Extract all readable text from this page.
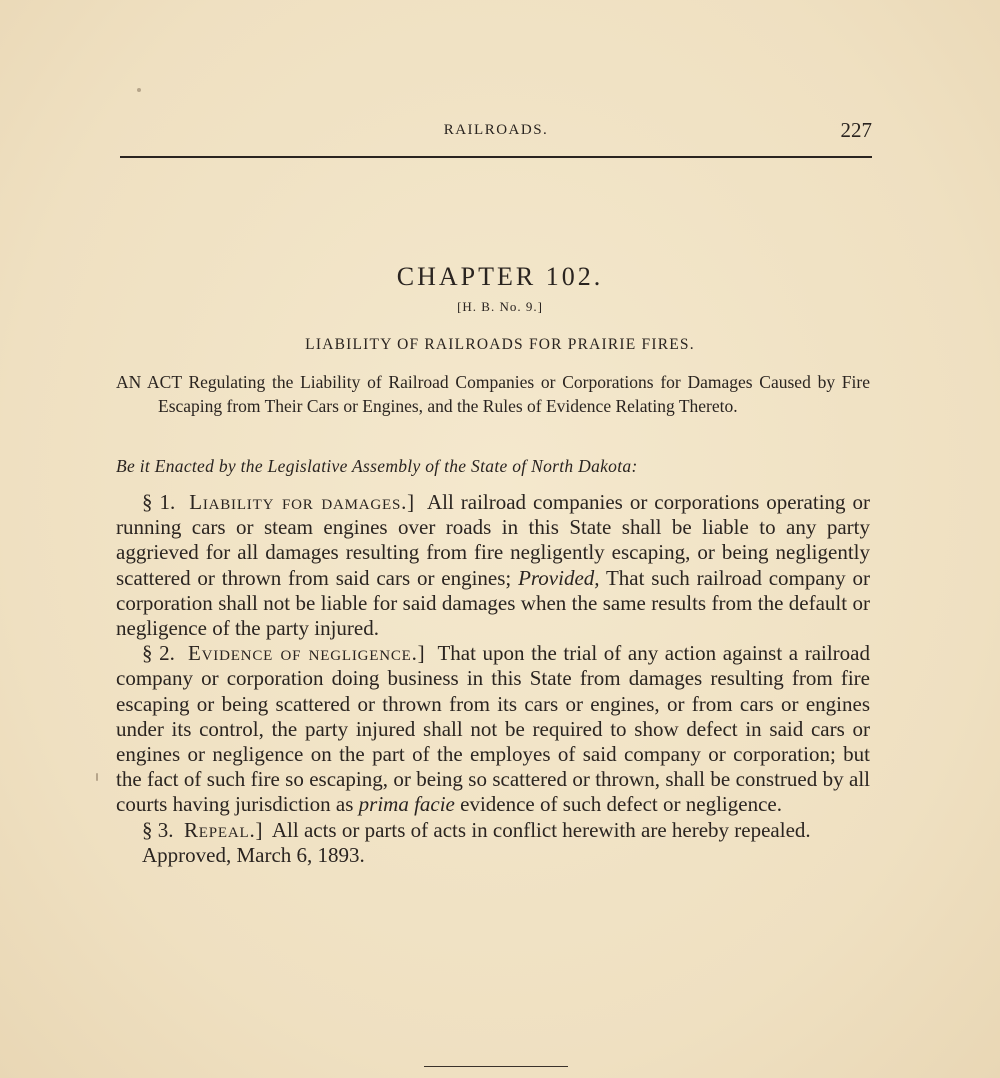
RAILROADS.	227
CHAPTER 102.
[H. B. No. 9.]
LIABILITY OF RAILROADS FOR PRAIRIE FIRES.
AN ACT Regulating the Liability of Railroad Companies or Corporations for Damages Caused by Fire Escaping from Their Cars or Engines, and the Rules of Evidence Relating Thereto.
Be it Enacted by the Legislative Assembly of the State of North Dakota:

§ 1. Liability for damages.]  All railroad companies or corporations operating or running cars or steam engines over roads in this State shall be liable to any party aggrieved for all damages resulting from fire negligently escaping, or being negligently scattered or thrown from said cars or engines; Provided, That such railroad company or corporation shall not be liable for said damages when the same results from the default or negligence of the party injured.

§ 2. Evidence of negligence.]  That upon the trial of any action against a railroad company or corporation doing business in this State from damages resulting from fire escaping or being scattered or thrown from its cars or engines, or from cars or engines under its control, the party injured shall not be required to show defect in said cars or engines or negligence on the part of the employes of said company or corporation; but the fact of such fire so escaping, or being so scattered or thrown, shall be construed by all courts having jurisdiction as prima facie evidence of such defect or negligence.

§ 3. Repeal.]  All acts or parts of acts in conflict herewith are hereby repealed.

Approved, March 6, 1893.
